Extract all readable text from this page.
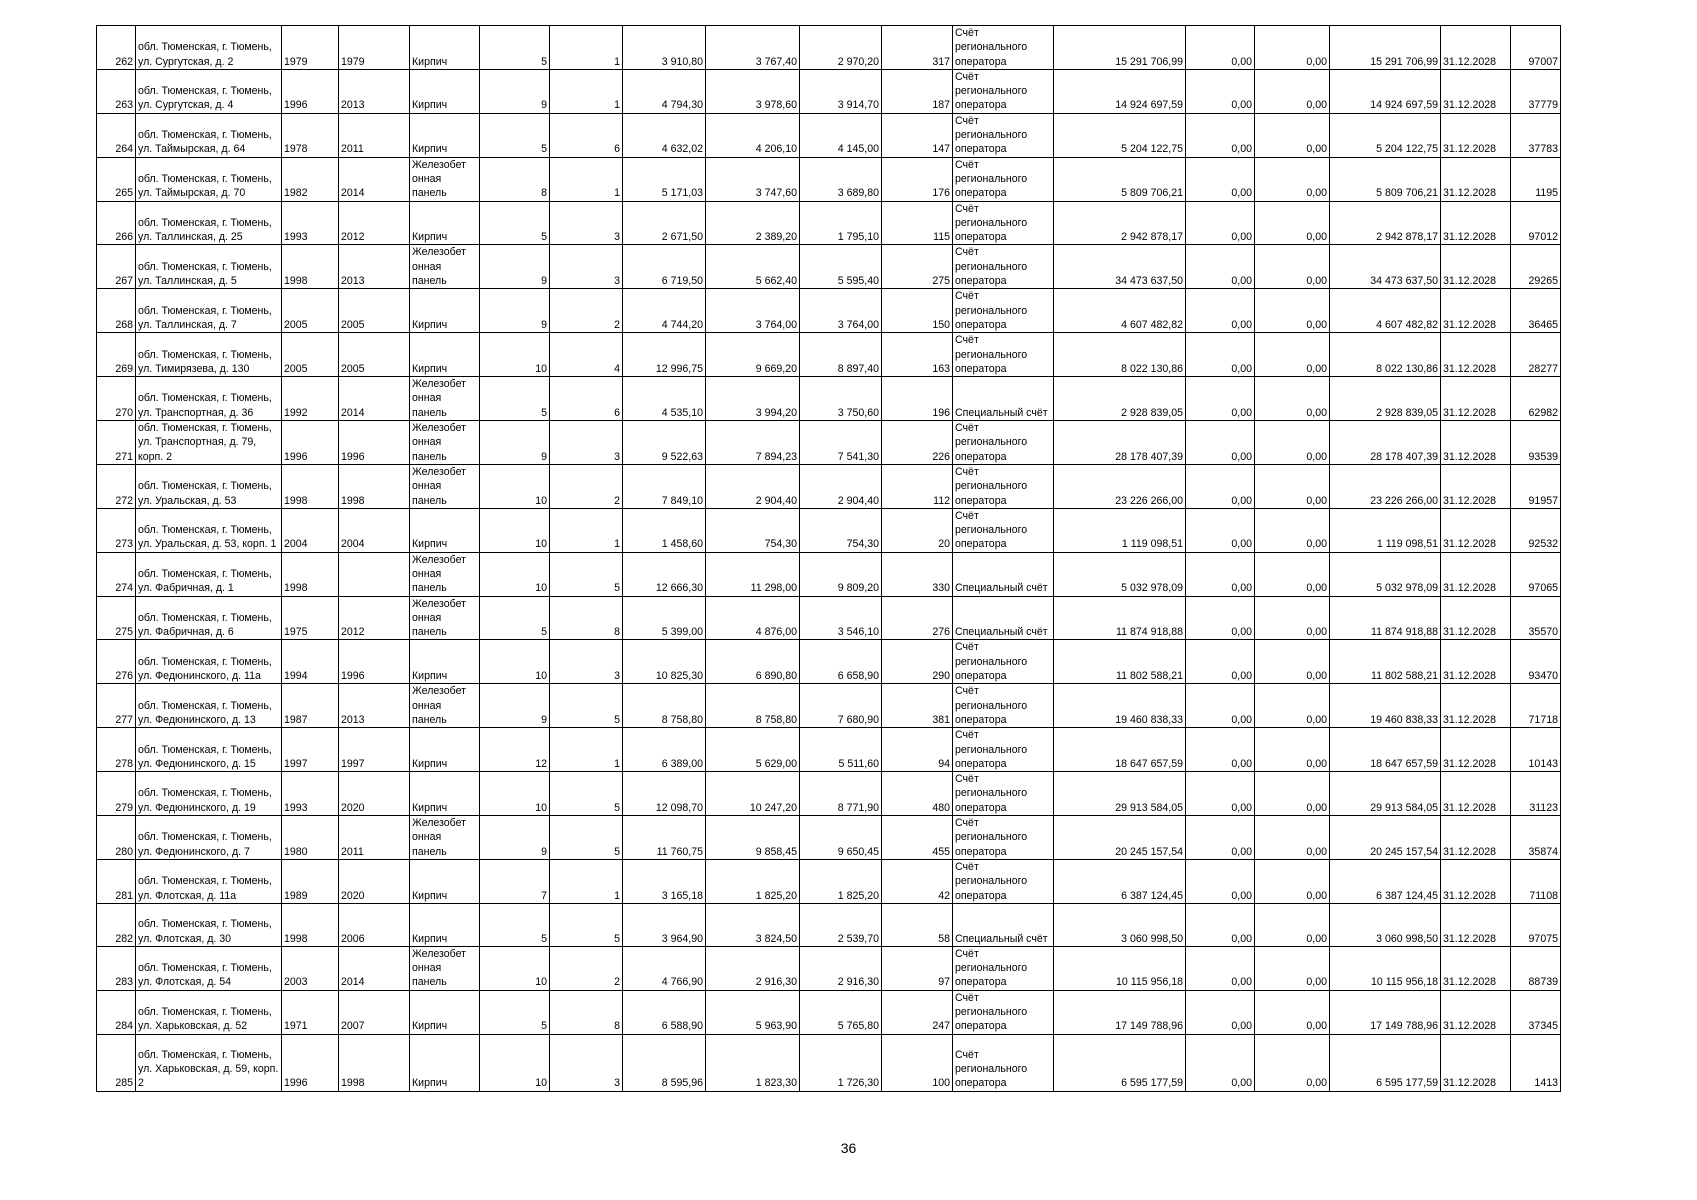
262	обл. Тюменская, г. Тюмень, ул. Сургутская, д. 2	1979	1979	Кирпич	5	1	3 910,80	3 767,40	2 970,20	317	Счёт регионального оператора	15 291 706,99	0,00	0,00	15 291 706,99	31.12.2028	97007
263	обл. Тюменская, г. Тюмень, ул. Сургутская, д. 4	1996	2013	Кирпич	9	1	4 794,30	3 978,60	3 914,70	187	Счёт регионального оператора	14 924 697,59	0,00	0,00	14 924 697,59	31.12.2028	37779
264	обл. Тюменская, г. Тюмень, ул. Таймырская, д. 64	1978	2011	Кирпич	5	6	4 632,02	4 206,10	4 145,00	147	Счёт регионального оператора	5 204 122,75	0,00	0,00	5 204 122,75	31.12.2028	37783
265	обл. Тюменская, г. Тюмень, ул. Таймырская, д. 70	1982	2014	Железобет онная панель	8	1	5 171,03	3 747,60	3 689,80	176	Счёт регионального оператора	5 809 706,21	0,00	0,00	5 809 706,21	31.12.2028	1195
266	обл. Тюменская, г. Тюмень, ул. Таллинская, д. 25	1993	2012	Кирпич	5	3	2 671,50	2 389,20	1 795,10	115	Счёт регионального оператора	2 942 878,17	0,00	0,00	2 942 878,17	31.12.2028	97012
267	обл. Тюменская, г. Тюмень, ул. Таллинская, д. 5	1998	2013	Железобет онная панель	9	3	6 719,50	5 662,40	5 595,40	275	Счёт регионального оператора	34 473 637,50	0,00	0,00	34 473 637,50	31.12.2028	29265
268	обл. Тюменская, г. Тюмень, ул. Таллинская, д. 7	2005	2005	Кирпич	9	2	4 744,20	3 764,00	3 764,00	150	Счёт регионального оператора	4 607 482,82	0,00	0,00	4 607 482,82	31.12.2028	36465
269	обл. Тюменская, г. Тюмень, ул. Тимирязева, д. 130	2005	2005	Кирпич	10	4	12 996,75	9 669,20	8 897,40	163	Счёт регионального оператора	8 022 130,86	0,00	0,00	8 022 130,86	31.12.2028	28277
270	обл. Тюменская, г. Тюмень, ул. Транспортная, д. 36	1992	2014	Железобет онная панель	5	6	4 535,10	3 994,20	3 750,60	196	Специальный счёт	2 928 839,05	0,00	0,00	2 928 839,05	31.12.2028	62982
271	обл. Тюменская, г. Тюмень, ул. Транспортная, д. 79, корп. 2	1996	1996	Железобет онная панель	9	3	9 522,63	7 894,23	7 541,30	226	Счёт регионального оператора	28 178 407,39	0,00	0,00	28 178 407,39	31.12.2028	93539
272	обл. Тюменская, г. Тюмень, ул. Уральская, д. 53	1998	1998	Железобет онная панель	10	2	7 849,10	2 904,40	2 904,40	112	Счёт регионального оператора	23 226 266,00	0,00	0,00	23 226 266,00	31.12.2028	91957
273	обл. Тюменская, г. Тюмень, ул. Уральская, д. 53, корп. 1	2004	2004	Кирпич	10	1	1 458,60	754,30	754,30	20	Счёт регионального оператора	1 119 098,51	0,00	0,00	1 119 098,51	31.12.2028	92532
274	обл. Тюменская, г. Тюмень, ул. Фабричная, д. 1	1998		Железобет онная панель	10	5	12 666,30	11 298,00	9 809,20	330	Специальный счёт	5 032 978,09	0,00	0,00	5 032 978,09	31.12.2028	97065
275	обл. Тюменская, г. Тюмень, ул. Фабричная, д. 6	1975	2012	Железобет онная панель	5	8	5 399,00	4 876,00	3 546,10	276	Специальный счёт	11 874 918,88	0,00	0,00	11 874 918,88	31.12.2028	35570
276	обл. Тюменская, г. Тюмень, ул. Федюнинского, д. 11а	1994	1996	Кирпич	10	3	10 825,30	6 890,80	6 658,90	290	Счёт регионального оператора	11 802 588,21	0,00	0,00	11 802 588,21	31.12.2028	93470
277	обл. Тюменская, г. Тюмень, ул. Федюнинского, д. 13	1987	2013	Железобет онная панель	9	5	8 758,80	8 758,80	7 680,90	381	Счёт регионального оператора	19 460 838,33	0,00	0,00	19 460 838,33	31.12.2028	71718
278	обл. Тюменская, г. Тюмень, ул. Федюнинского, д. 15	1997	1997	Кирпич	12	1	6 389,00	5 629,00	5 511,60	94	Счёт регионального оператора	18 647 657,59	0,00	0,00	18 647 657,59	31.12.2028	10143
279	обл. Тюменская, г. Тюмень, ул. Федюнинского, д. 19	1993	2020	Кирпич	10	5	12 098,70	10 247,20	8 771,90	480	Счёт регионального оператора	29 913 584,05	0,00	0,00	29 913 584,05	31.12.2028	31123
280	обл. Тюменская, г. Тюмень, ул. Федюнинского, д. 7	1980	2011	Железобет онная панель	9	5	11 760,75	9 858,45	9 650,45	455	Счёт регионального оператора	20 245 157,54	0,00	0,00	20 245 157,54	31.12.2028	35874
281	обл. Тюменская, г. Тюмень, ул. Флотская, д. 11а	1989	2020	Кирпич	7	1	3 165,18	1 825,20	1 825,20	42	Счёт регионального оператора	6 387 124,45	0,00	0,00	6 387 124,45	31.12.2028	71108
282	обл. Тюменская, г. Тюмень, ул. Флотская, д. 30	1998	2006	Кирпич	5	5	3 964,90	3 824,50	2 539,70	58	Специальный счёт	3 060 998,50	0,00	0,00	3 060 998,50	31.12.2028	97075
283	обл. Тюменская, г. Тюмень, ул. Флотская, д. 54	2003	2014	Железобет онная панель	10	2	4 766,90	2 916,30	2 916,30	97	Счёт регионального оператора	10 115 956,18	0,00	0,00	10 115 956,18	31.12.2028	88739
284	обл. Тюменская, г. Тюмень, ул. Харьковская, д. 52	1971	2007	Кирпич	5	8	6 588,90	5 963,90	5 765,80	247	Счёт регионального оператора	17 149 788,96	0,00	0,00	17 149 788,96	31.12.2028	37345
285	обл. Тюменская, г. Тюмень, ул. Харьковская, д. 59, корп. 2	1996	1998	Кирпич	10	3	8 595,96	1 823,30	1 726,30	100	Счёт регионального оператора	6 595 177,59	0,00	0,00	6 595 177,59	31.12.2028	1413
36
